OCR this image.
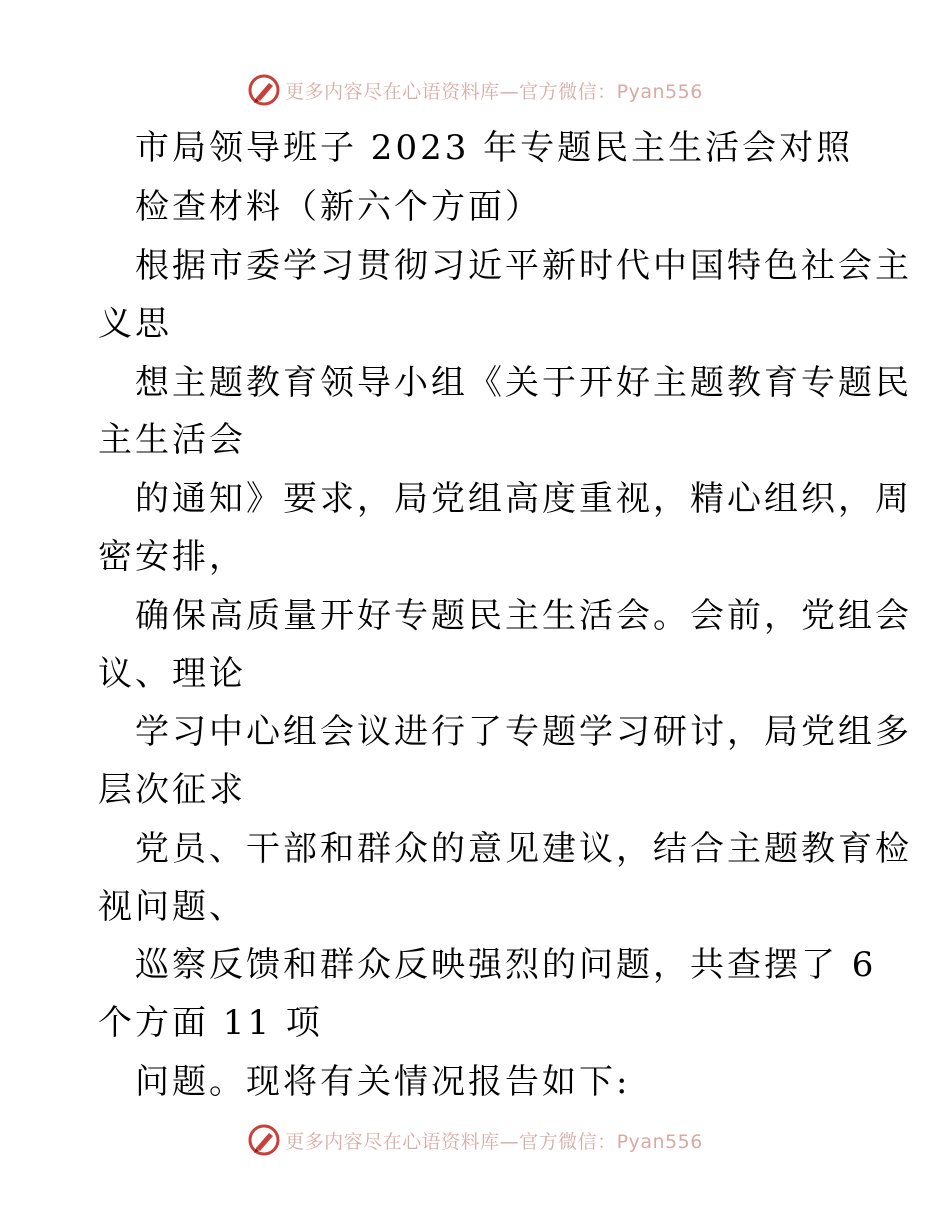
更多内容尽在心语资料库—官方微信：Pyan556
市局领导班子 2023 年专题民主生活会对照
检查材料（新六个方面）
根据市委学习贯彻习近平新时代中国特色社会主
义思
想主题教育领导小组《关于开好主题教育专题民
主生活会
的通知》要求，局党组高度重视，精心组织，周
密安排，
确保高质量开好专题民主生活会。会前，党组会
议、理论
学习中心组会议进行了专题学习研讨，局党组多
层次征求
党员、干部和群众的意见建议，结合主题教育检
视问题、
巡察反馈和群众反映强烈的问题，共查摆了 6
个方面 11 项
问题。现将有关情况报告如下:
更多内容尽在心语资料库—官方微信：Pyan556
